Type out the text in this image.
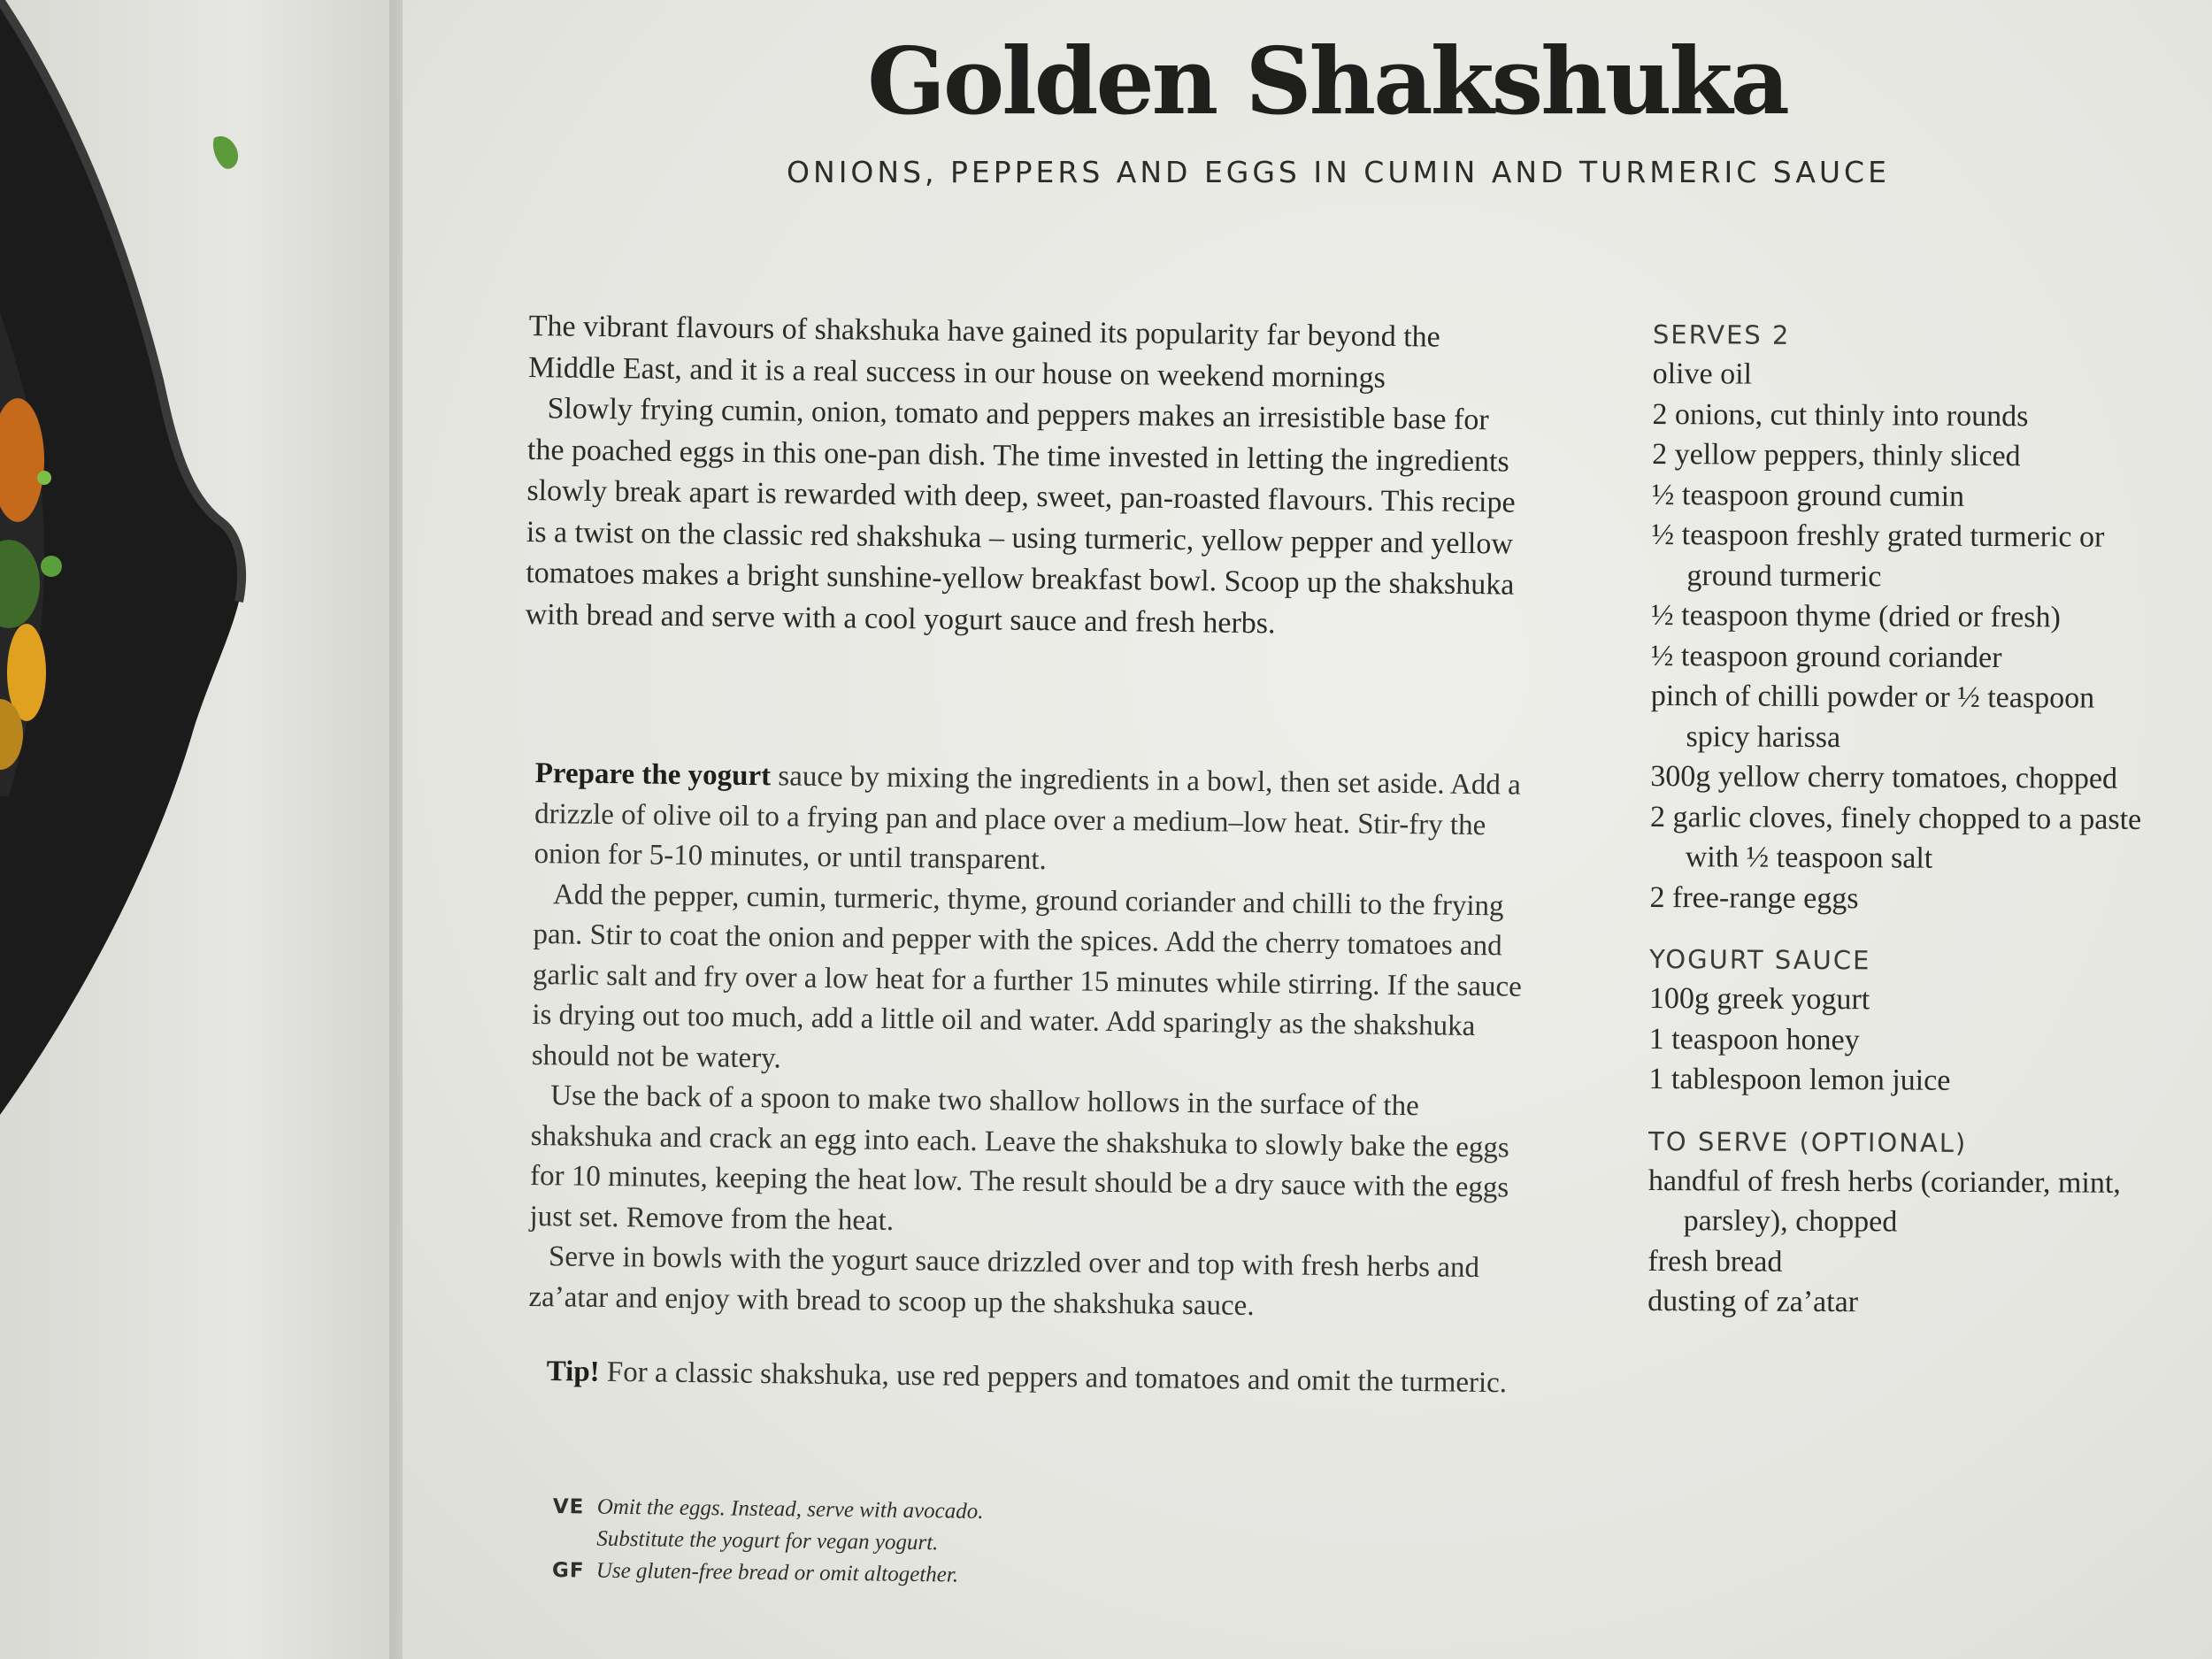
Golden Shakshuka
ONIONS, PEPPERS AND EGGS IN CUMIN AND TURMERIC SAUCE

The vibrant flavours of shakshuka have gained its popularity far beyond the Middle East, and it is a real success in our house on weekend mornings

Slowly frying cumin, onion, tomato and peppers makes an irresistible base for the poached eggs in this one-pan dish. The time invested in letting the ingredients slowly break apart is rewarded with deep, sweet, pan-roasted flavours. This recipe is a twist on the classic red shakshuka – using turmeric, yellow pepper and yellow tomatoes makes a bright sunshine-yellow breakfast bowl. Scoop up the shakshuka with bread and serve with a cool yogurt sauce and fresh herbs.

Prepare the yogurt sauce by mixing the ingredients in a bowl, then set aside. Add a drizzle of olive oil to a frying pan and place over a medium–low heat. Stir-fry the onion for 5-10 minutes, or until transparent.

Add the pepper, cumin, turmeric, thyme, ground coriander and chilli to the frying pan. Stir to coat the onion and pepper with the spices. Add the cherry tomatoes and garlic salt and fry over a low heat for a further 15 minutes while stirring. If the sauce is drying out too much, add a little oil and water. Add sparingly as the shakshuka should not be watery.

Use the back of a spoon to make two shallow hollows in the surface of the shakshuka and crack an egg into each. Leave the shakshuka to slowly bake the eggs for 10 minutes, keeping the heat low. The result should be a dry sauce with the eggs just set. Remove from the heat.

Serve in bowls with the yogurt sauce drizzled over and top with fresh herbs and za’atar and enjoy with bread to scoop up the shakshuka sauce.

Tip! For a classic shakshuka, use red peppers and tomatoes and omit the turmeric.

VE Omit the eggs. Instead, serve with avocado. Substitute the yogurt for vegan yogurt.
GF Use gluten-free bread or omit altogether.
SERVES 2
olive oil
2 onions, cut thinly into rounds
2 yellow peppers, thinly sliced
½ teaspoon ground cumin
½ teaspoon freshly grated turmeric or ground turmeric
½ teaspoon thyme (dried or fresh)
½ teaspoon ground coriander
pinch of chilli powder or ½ teaspoon spicy harissa
300g yellow cherry tomatoes, chopped
2 garlic cloves, finely chopped to a paste with ½ teaspoon salt
2 free-range eggs
YOGURT SAUCE
100g greek yogurt
1 teaspoon honey
1 tablespoon lemon juice
TO SERVE (OPTIONAL)
handful of fresh herbs (coriander, mint, parsley), chopped
fresh bread
dusting of za’atar
